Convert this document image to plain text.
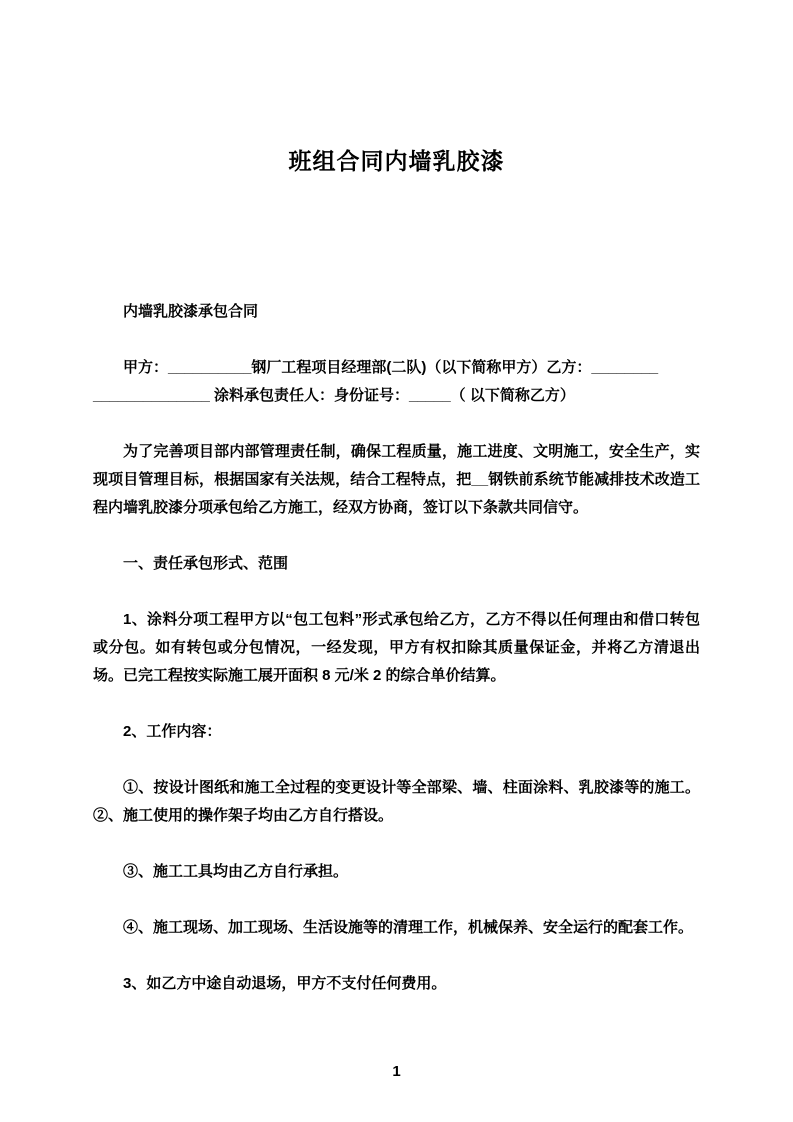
班组合同内墙乳胶漆

内墙乳胶漆承包合同

甲方：__________钢厂工程项目经理部(二队)（以下简称甲方）乙方：________

______________ 涂料承包责任人：身份证号：_____（ 以下简称乙方）

为了完善项目部内部管理责任制，确保工程质量，施工进度、文明施工，安全生产，实现项目管理目标，根据国家有关法规，结合工程特点，把__钢铁前系统节能减排技术改造工程内墙乳胶漆分项承包给乙方施工，经双方协商，签订以下条款共同信守。

一、责任承包形式、范围

1、涂料分项工程甲方以“包工包料”形式承包给乙方，乙方不得以任何理由和借口转包或分包。如有转包或分包情况，一经发现，甲方有权扣除其质量保证金，并将乙方清退出场。已完工程按实际施工展开面积 8 元/米 2 的综合单价结算。

2、工作内容：

①、按设计图纸和施工全过程的变更设计等全部梁、墙、柱面涂料、乳胶漆等的施工。②、施工使用的操作架子均由乙方自行搭设。

③、施工工具均由乙方自行承担。

④、施工现场、加工现场、生活设施等的清理工作，机械保养、安全运行的配套工作。

3、如乙方中途自动退场，甲方不支付任何费用。

1
